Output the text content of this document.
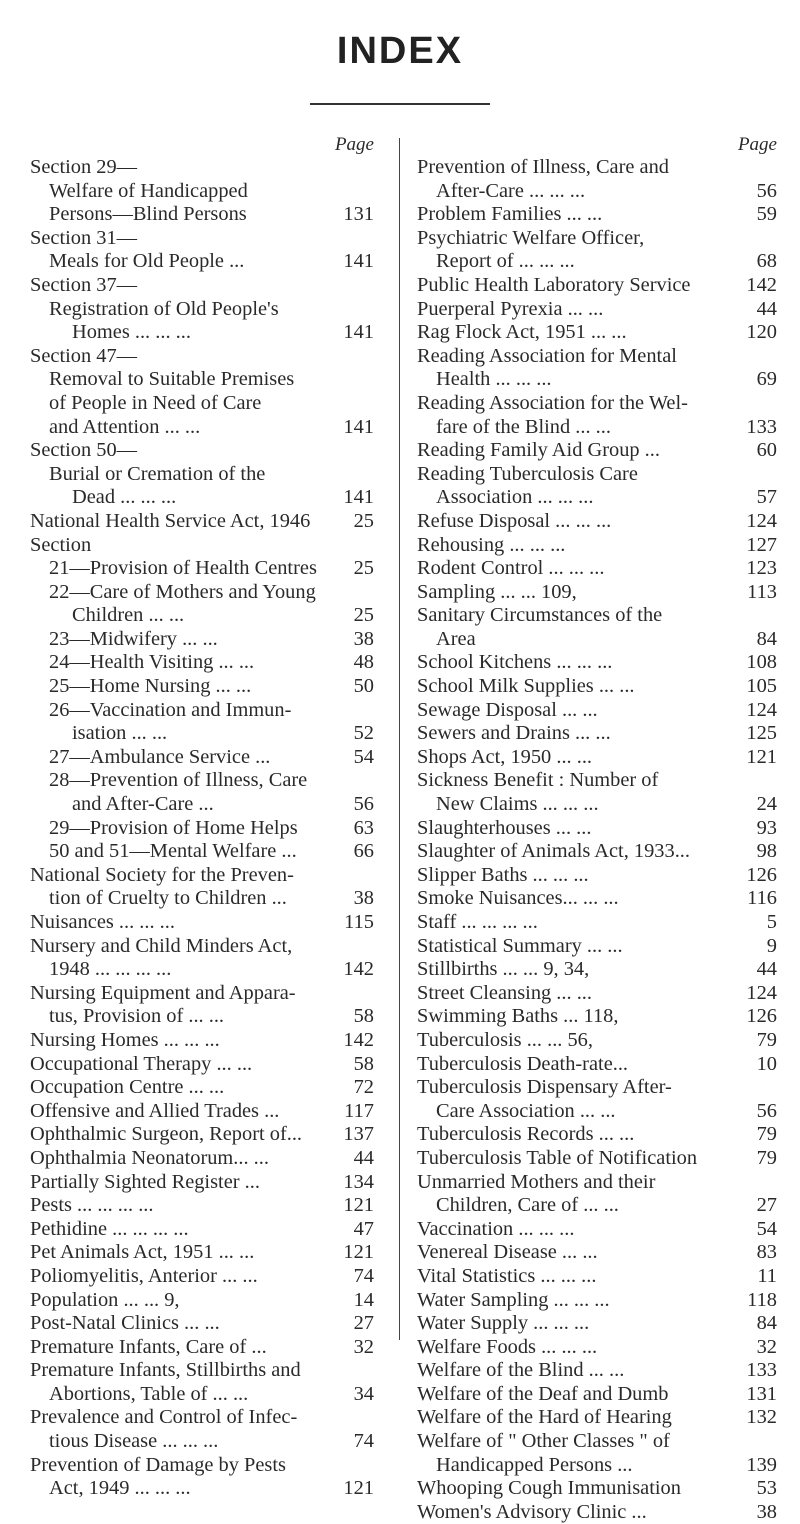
INDEX
Page
Section 29—
Welfare of Handicapped
Persons—Blind Persons	131
Section 31—
Meals for Old People ...	141
Section 37—
Registration of Old People's
Homes ... ... ...	141
Section 47—
Removal to Suitable Premises
of People in Need of Care
and Attention ... ...	141
Section 50—
Burial or Cremation of the
Dead ... ... ...	141
National Health Service Act, 1946 25
Section
21—Provision of Health Centres 25
22—Care of Mothers and Young
Children ... ...	25
23—Midwifery ... ...	38
24—Health Visiting ... ...	48
25—Home Nursing ... ...	50
26—Vaccination and Immun-
isation ... ...	52
27—Ambulance Service ...	54
28—Prevention of Illness, Care
and After-Care ...	56
29—Provision of Home Helps	63
50 and 51—Mental Welfare ...	66
National Society for the Preven-
tion of Cruelty to Children ...	38
Nuisances ... ... ...	115
Nursery and Child Minders Act,
1948 ... ... ... ...	142
Nursing Equipment and Appara-
tus, Provision of ... ...	58
Nursing Homes ... ... ...	142
Occupational Therapy ... ...	58
Occupation Centre ... ...	72
Offensive and Allied Trades ...	117
Ophthalmic Surgeon, Report of... 137
Ophthalmia Neonatorum... ...	44
Partially Sighted Register ...	134
Pests ... ... ... ...	121
Pethidine ... ... ... ...	47
Pet Animals Act, 1951 ... ...	121
Poliomyelitis, Anterior ... ...	74
Population ... ... 9,	14
Post-Natal Clinics ... ...	27
Premature Infants, Care of ...	32
Premature Infants, Stillbirths and
Abortions, Table of ... ...	34
Prevalence and Control of Infec-
tious Disease ... ... ...	74
Prevention of Damage by Pests
Act, 1949 ... ... ...	121
Page
Prevention of Illness, Care and
After-Care ... ... ...	56
Problem Families ... ...	59
Psychiatric Welfare Officer,
Report of ... ... ...	68
Public Health Laboratory Service	142
Puerperal Pyrexia ... ...	44
Rag Flock Act, 1951 ... ...	120
Reading Association for Mental
Health ... ... ...	69
Reading Association for the Wel-
fare of the Blind ... ...	133
Reading Family Aid Group ...	60
Reading Tuberculosis Care
Association ... ... ...	57
Refuse Disposal ... ... ...	124
Rehousing ... ... ...	127
Rodent Control ... ... ...	123
Sampling ... ... 109,	113
Sanitary Circumstances of the
Area	84
School Kitchens ... ... ...	108
School Milk Supplies ... ...	105
Sewage Disposal ... ...	124
Sewers and Drains ... ...	125
Shops Act, 1950 ... ...	121
Sickness Benefit : Number of
New Claims ... ... ...	24
Slaughterhouses ... ...	93
Slaughter of Animals Act, 1933...	98
Slipper Baths ... ... ...	126
Smoke Nuisances... ... ...	116
Staff ... ... ... ...	5
Statistical Summary ... ...	9
Stillbirths ... ... 9, 34,	44
Street Cleansing ... ...	124
Swimming Baths ... 118,	126
Tuberculosis ... ... 56,	79
Tuberculosis Death-rate...	10
Tuberculosis Dispensary After-
Care Association ... ...	56
Tuberculosis Records ... ...	79
Tuberculosis Table of Notification	79
Unmarried Mothers and their
Children, Care of ... ...	27
Vaccination ... ... ...	54
Venereal Disease ... ...	83
Vital Statistics ... ... ...	11
Water Sampling ... ... ...	118
Water Supply ... ... ...	84
Welfare Foods ... ... ...	32
Welfare of the Blind ... ...	133
Welfare of the Deaf and Dumb	131
Welfare of the Hard of Hearing	132
Welfare of " Other Classes " of
Handicapped Persons ...	139
Whooping Cough Immunisation	53
Women's Advisory Clinic ...	38
